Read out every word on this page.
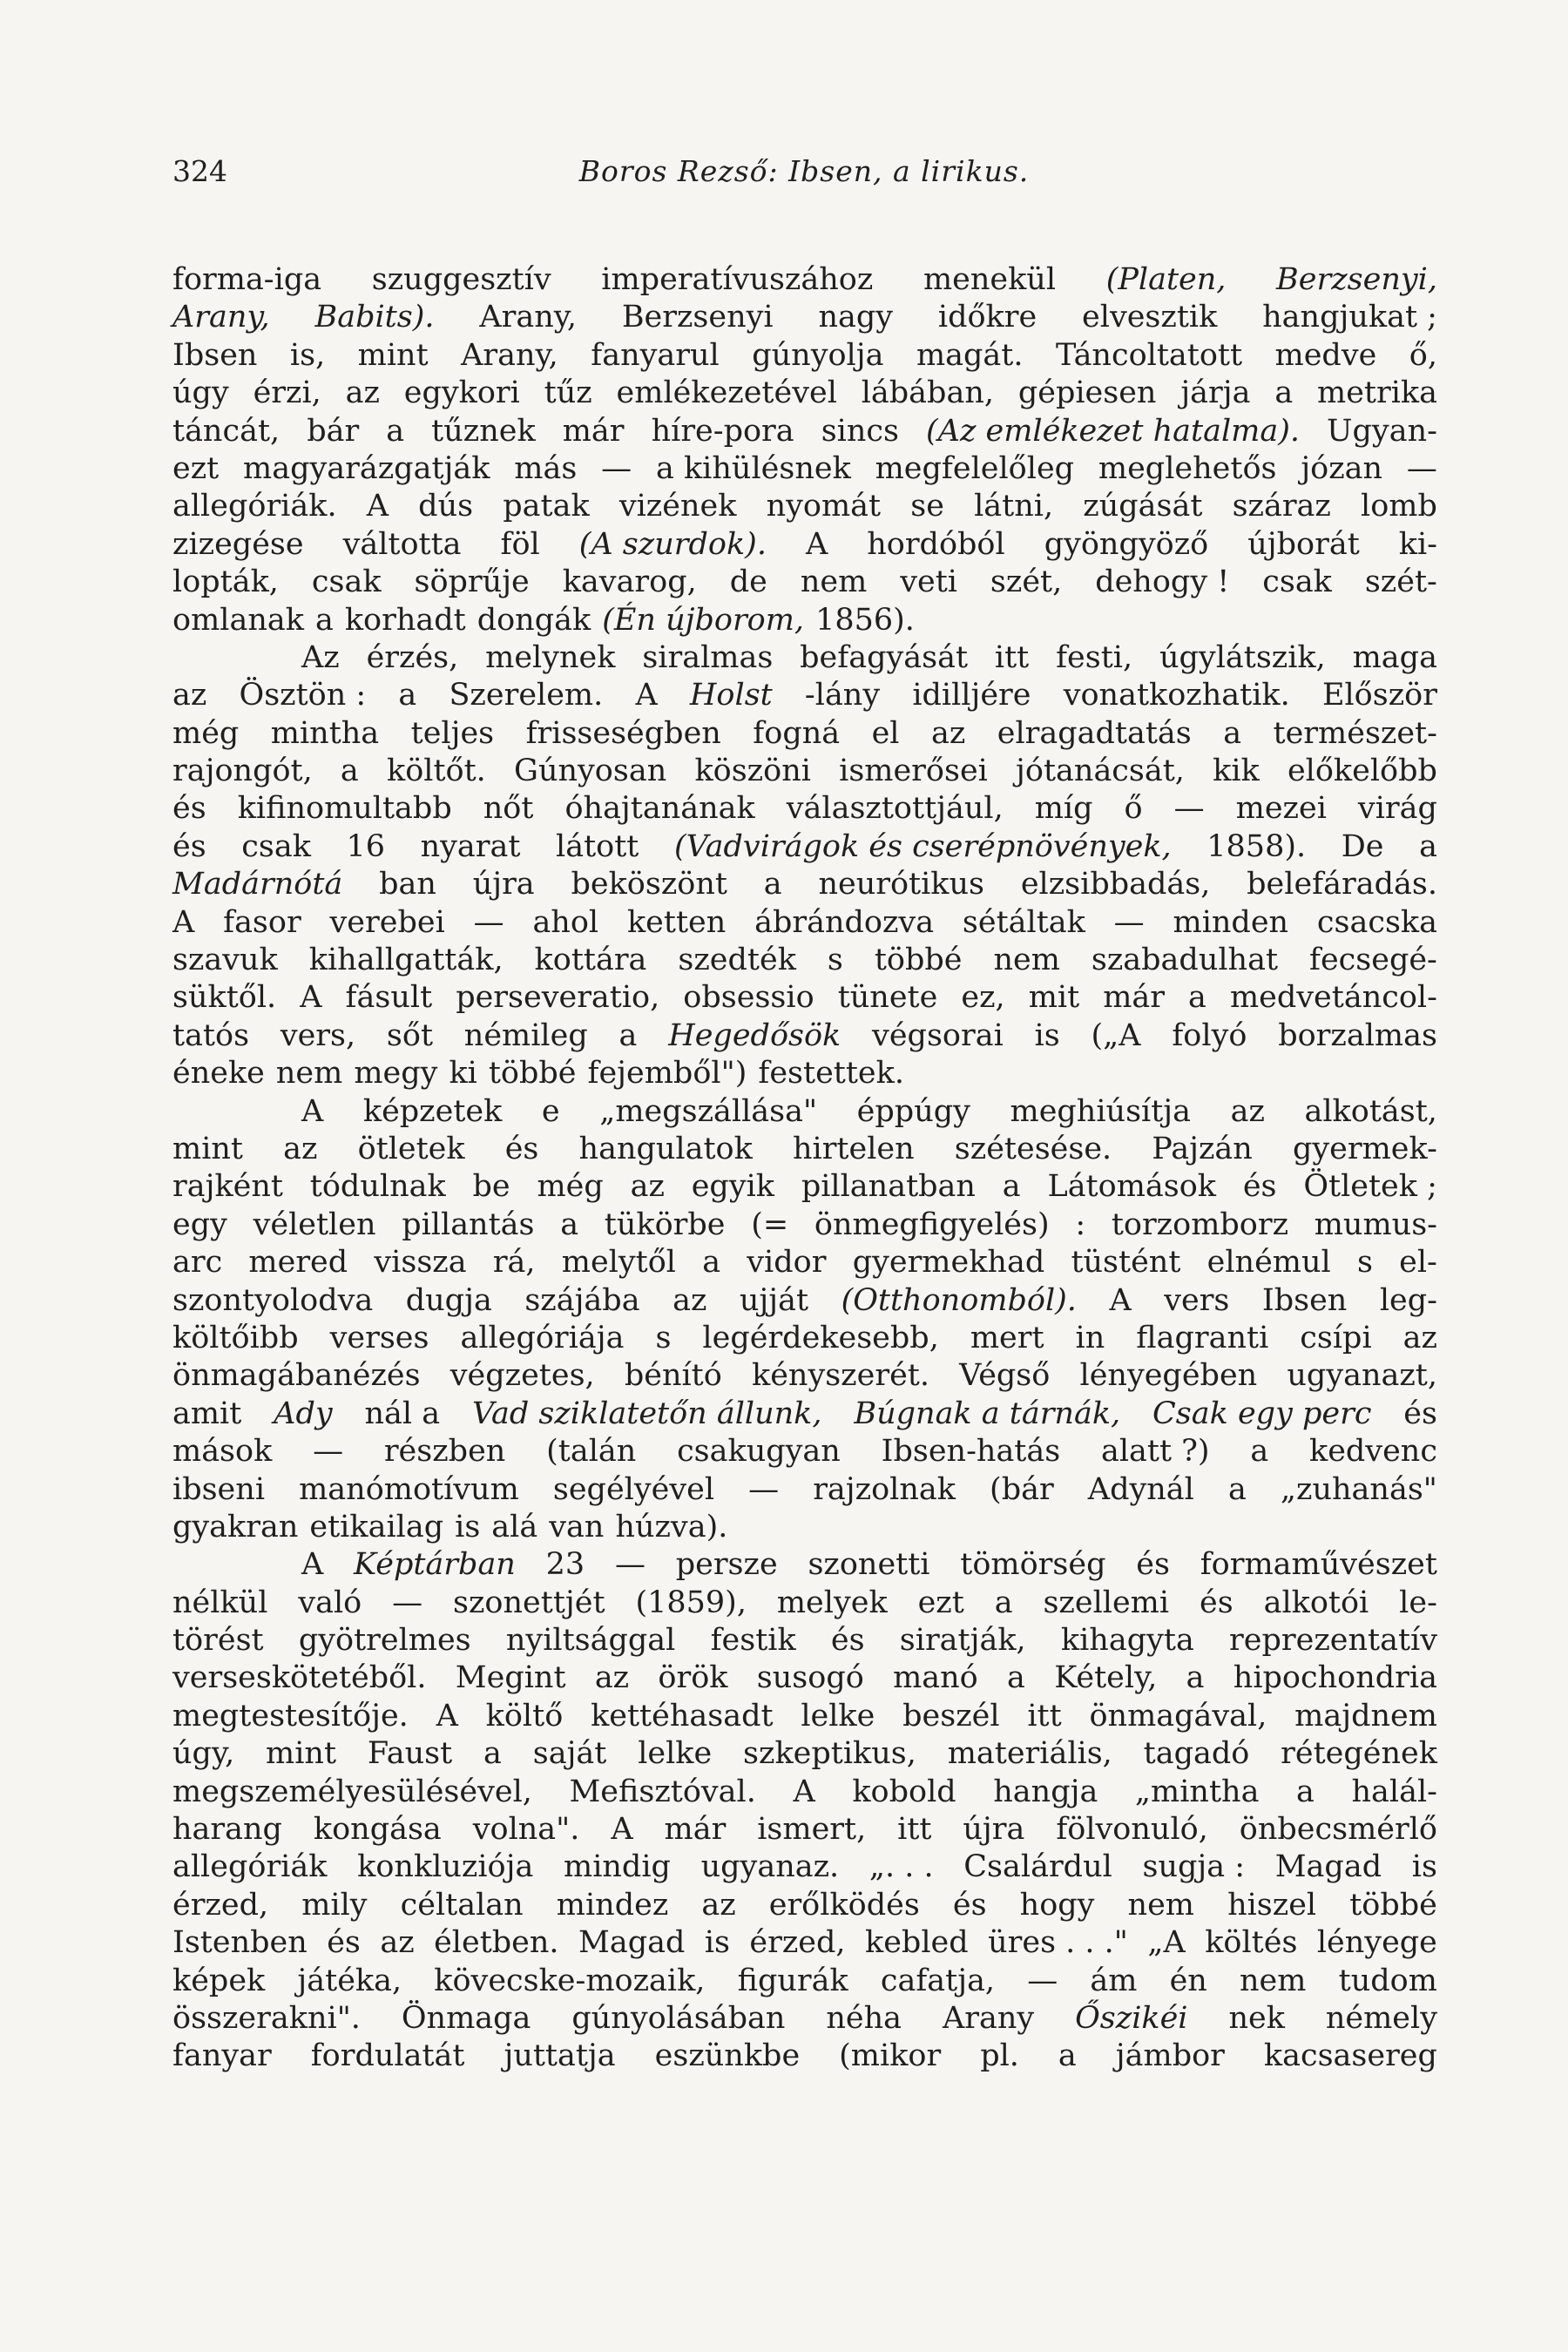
324	Boros Rezső: Ibsen, a lirikus.
forma-iga szuggesztív imperatívuszához menekül (Platen, Berzsenyi,
Arany, Babits). Arany, Berzsenyi nagy időkre elvesztik hangjukat ;
Ibsen is, mint Arany, fanyarul gúnyolja magát. Táncoltatott medve ő,
úgy érzi, az egykori tűz emlékezetével lábában, gépiesen járja a metrika
táncát, bár a tűznek már híre-pora sincs (Az emlékezet hatalma). Ugyan-
ezt magyarázgatják más — a kihülésnek megfelelőleg meglehetős józan —
allegóriák. A dús patak vizének nyomát se látni, zúgását száraz lomb
zizegése váltotta föl (A szurdok). A hordóból gyöngyöző újborát ki-
lopták, csak söprűje kavarog, de nem veti szét, dehogy ! csak szét-
omlanak a korhadt dongák (Én újborom, 1856).
Az érzés, melynek siralmas befagyását itt festi, úgylátszik, maga
az Ösztön : a Szerelem. A Holst -lány idilljére vonatkozhatik. Először
még mintha teljes frisseségben fogná el az elragadtatás a természet-
rajongót, a költőt. Gúnyosan köszöni ismerősei jótanácsát, kik előkelőbb
és kifinomultabb nőt óhajtanának választottjául, míg ő — mezei virág
és csak 16 nyarat látott (Vadvirágok és cserépnövények, 1858). De a
Madárnótá ban újra beköszönt a neurótikus elzsibbadás, belefáradás.
A fasor verebei — ahol ketten ábrándozva sétáltak — minden csacska
szavuk kihallgatták, kottára szedték s többé nem szabadulhat fecsegé-
süktől. A fásult perseveratio, obsessio tünete ez, mit már a medvetáncol-
tatós vers, sőt némileg a Hegedősök végsorai is („A folyó borzalmas
éneke nem megy ki többé fejemből") festettek.
A képzetek e „megszállása" éppúgy meghiúsítja az alkotást,
mint az ötletek és hangulatok hirtelen szétesése. Pajzán gyermek-
rajként tódulnak be még az egyik pillanatban a Látomások és Ötletek ;
egy véletlen pillantás a tükörbe (= önmegfigyelés) : torzomborz mumus-
arc mered vissza rá, melytől a vidor gyermekhad tüstént elnémul s el-
szontyolodva dugja szájába az ujját (Otthonomból). A vers Ibsen leg-
költőibb verses allegóriája s legérdekesebb, mert in flagranti csípi az
önmagábanézés végzetes, bénító kényszerét. Végső lényegében ugyanazt,
amit Ady nál a Vad sziklatetőn állunk, Búgnak a tárnák, Csak egy perc és
mások — részben (talán csakugyan Ibsen-hatás alatt ?) a kedvenc
ibseni manómotívum segélyével — rajzolnak (bár Adynál a „zuhanás"
gyakran etikailag is alá van húzva).
A Képtárban 23 — persze szonetti tömörség és formaművészet
nélkül való — szonettjét (1859), melyek ezt a szellemi és alkotói le-
törést gyötrelmes nyiltsággal festik és siratják, kihagyta reprezentatív
verseskötetéből. Megint az örök susogó manó a Kétely, a hipochondria
megtestesítője. A költő kettéhasadt lelke beszél itt önmagával, majdnem
úgy, mint Faust a saját lelke szkeptikus, materiális, tagadó rétegének
megszemélyesülésével, Mefisztóval. A kobold hangja „mintha a halál-
harang kongása volna". A már ismert, itt újra fölvonuló, önbecsmérlő
allegóriák konkluziója mindig ugyanaz. „. . . Csalárdul sugja : Magad is
érzed, mily céltalan mindez az erőlködés és hogy nem hiszel többé
Istenben és az életben. Magad is érzed, kebled üres . . ." „A költés lényege
képek játéka, kövecske-mozaik, figurák cafatja, — ám én nem tudom
összerakni". Önmaga gúnyolásában néha Arany Őszikéi nek némely
fanyar fordulatát juttatja eszünkbe (mikor pl. a jámbor kacsasereg
